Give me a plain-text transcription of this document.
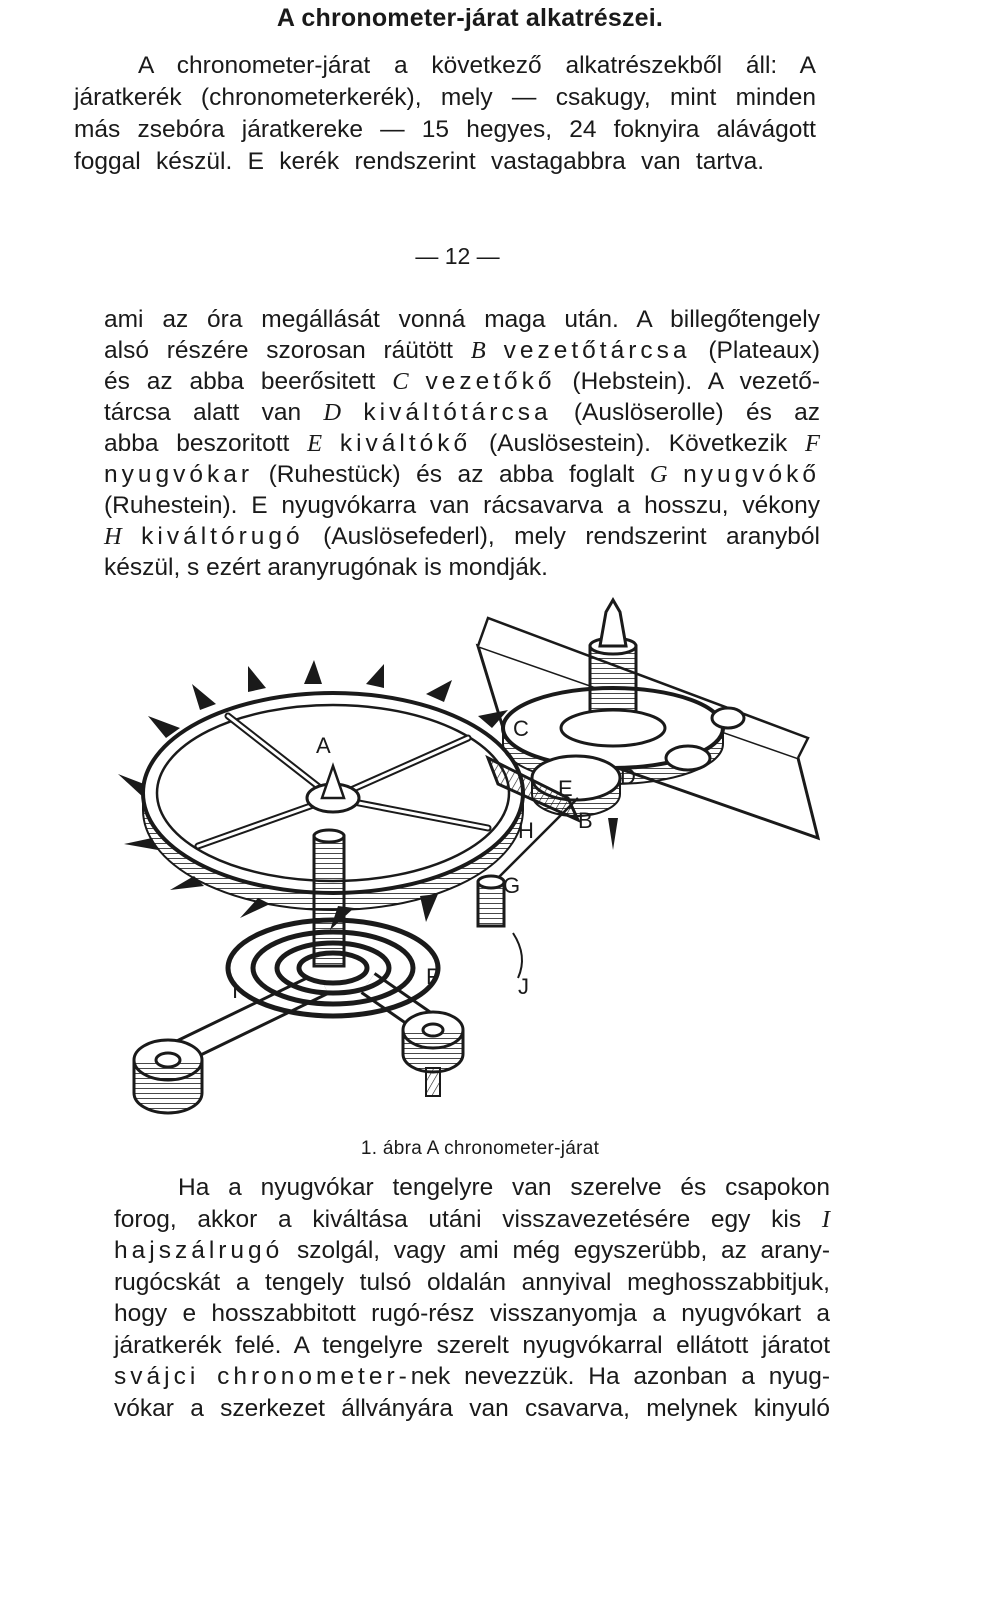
A chronometer-járat alkatrészei.
A chronometer-járat a következő alkatrészekből áll: A
járatkerék (chronometerkerék), mely — csakugy, mint minden
más zsebóra járatkereke — 15 hegyes, 24 foknyira alávágott
foggal készül. E kerék rendszerint vastagabbra van tartva.
— 12 —
ami az óra megállását vonná maga után. A billegőtengely
alsó részére szorosan ráütött B vezetőtárcsa (Plateaux)
és az abba beerősitett C vezetőkő (Hebstein). A vezető-
tárcsa alatt van D kiváltótárcsa (Auslöserolle) és az
abba beszoritott E kiváltókő (Auslösestein). Következik F
nyugvókar (Ruhestück) és az abba foglalt G nyugvókő
(Ruhestein). E nyugvókarra van rácsavarva a hosszu, vékony
H kiváltórugó (Auslösefederl), mely rendszerint aranyból
készül, s ezért aranyrugónak is mondják.
A
C
D
E
B
H
G
I
F	J
1. ábra A chronometer-járat
Ha a nyugvókar tengelyre van szerelve és csapokon
forog, akkor a kiváltása utáni visszavezetésére egy kis I
hajszálrugó szolgál, vagy ami még egyszerübb, az arany-
rugócskát a tengely tulsó oldalán annyival meghosszabbitjuk,
hogy e hosszabbitott rugó-rész visszanyomja a nyugvókart a
járatkerék felé. A tengelyre szerelt nyugvókarral ellátott járatot
svájci chronometer-nek nevezzük. Ha azonban a nyug-
vókar a szerkezet állványára van csavarva, melynek kinyuló
